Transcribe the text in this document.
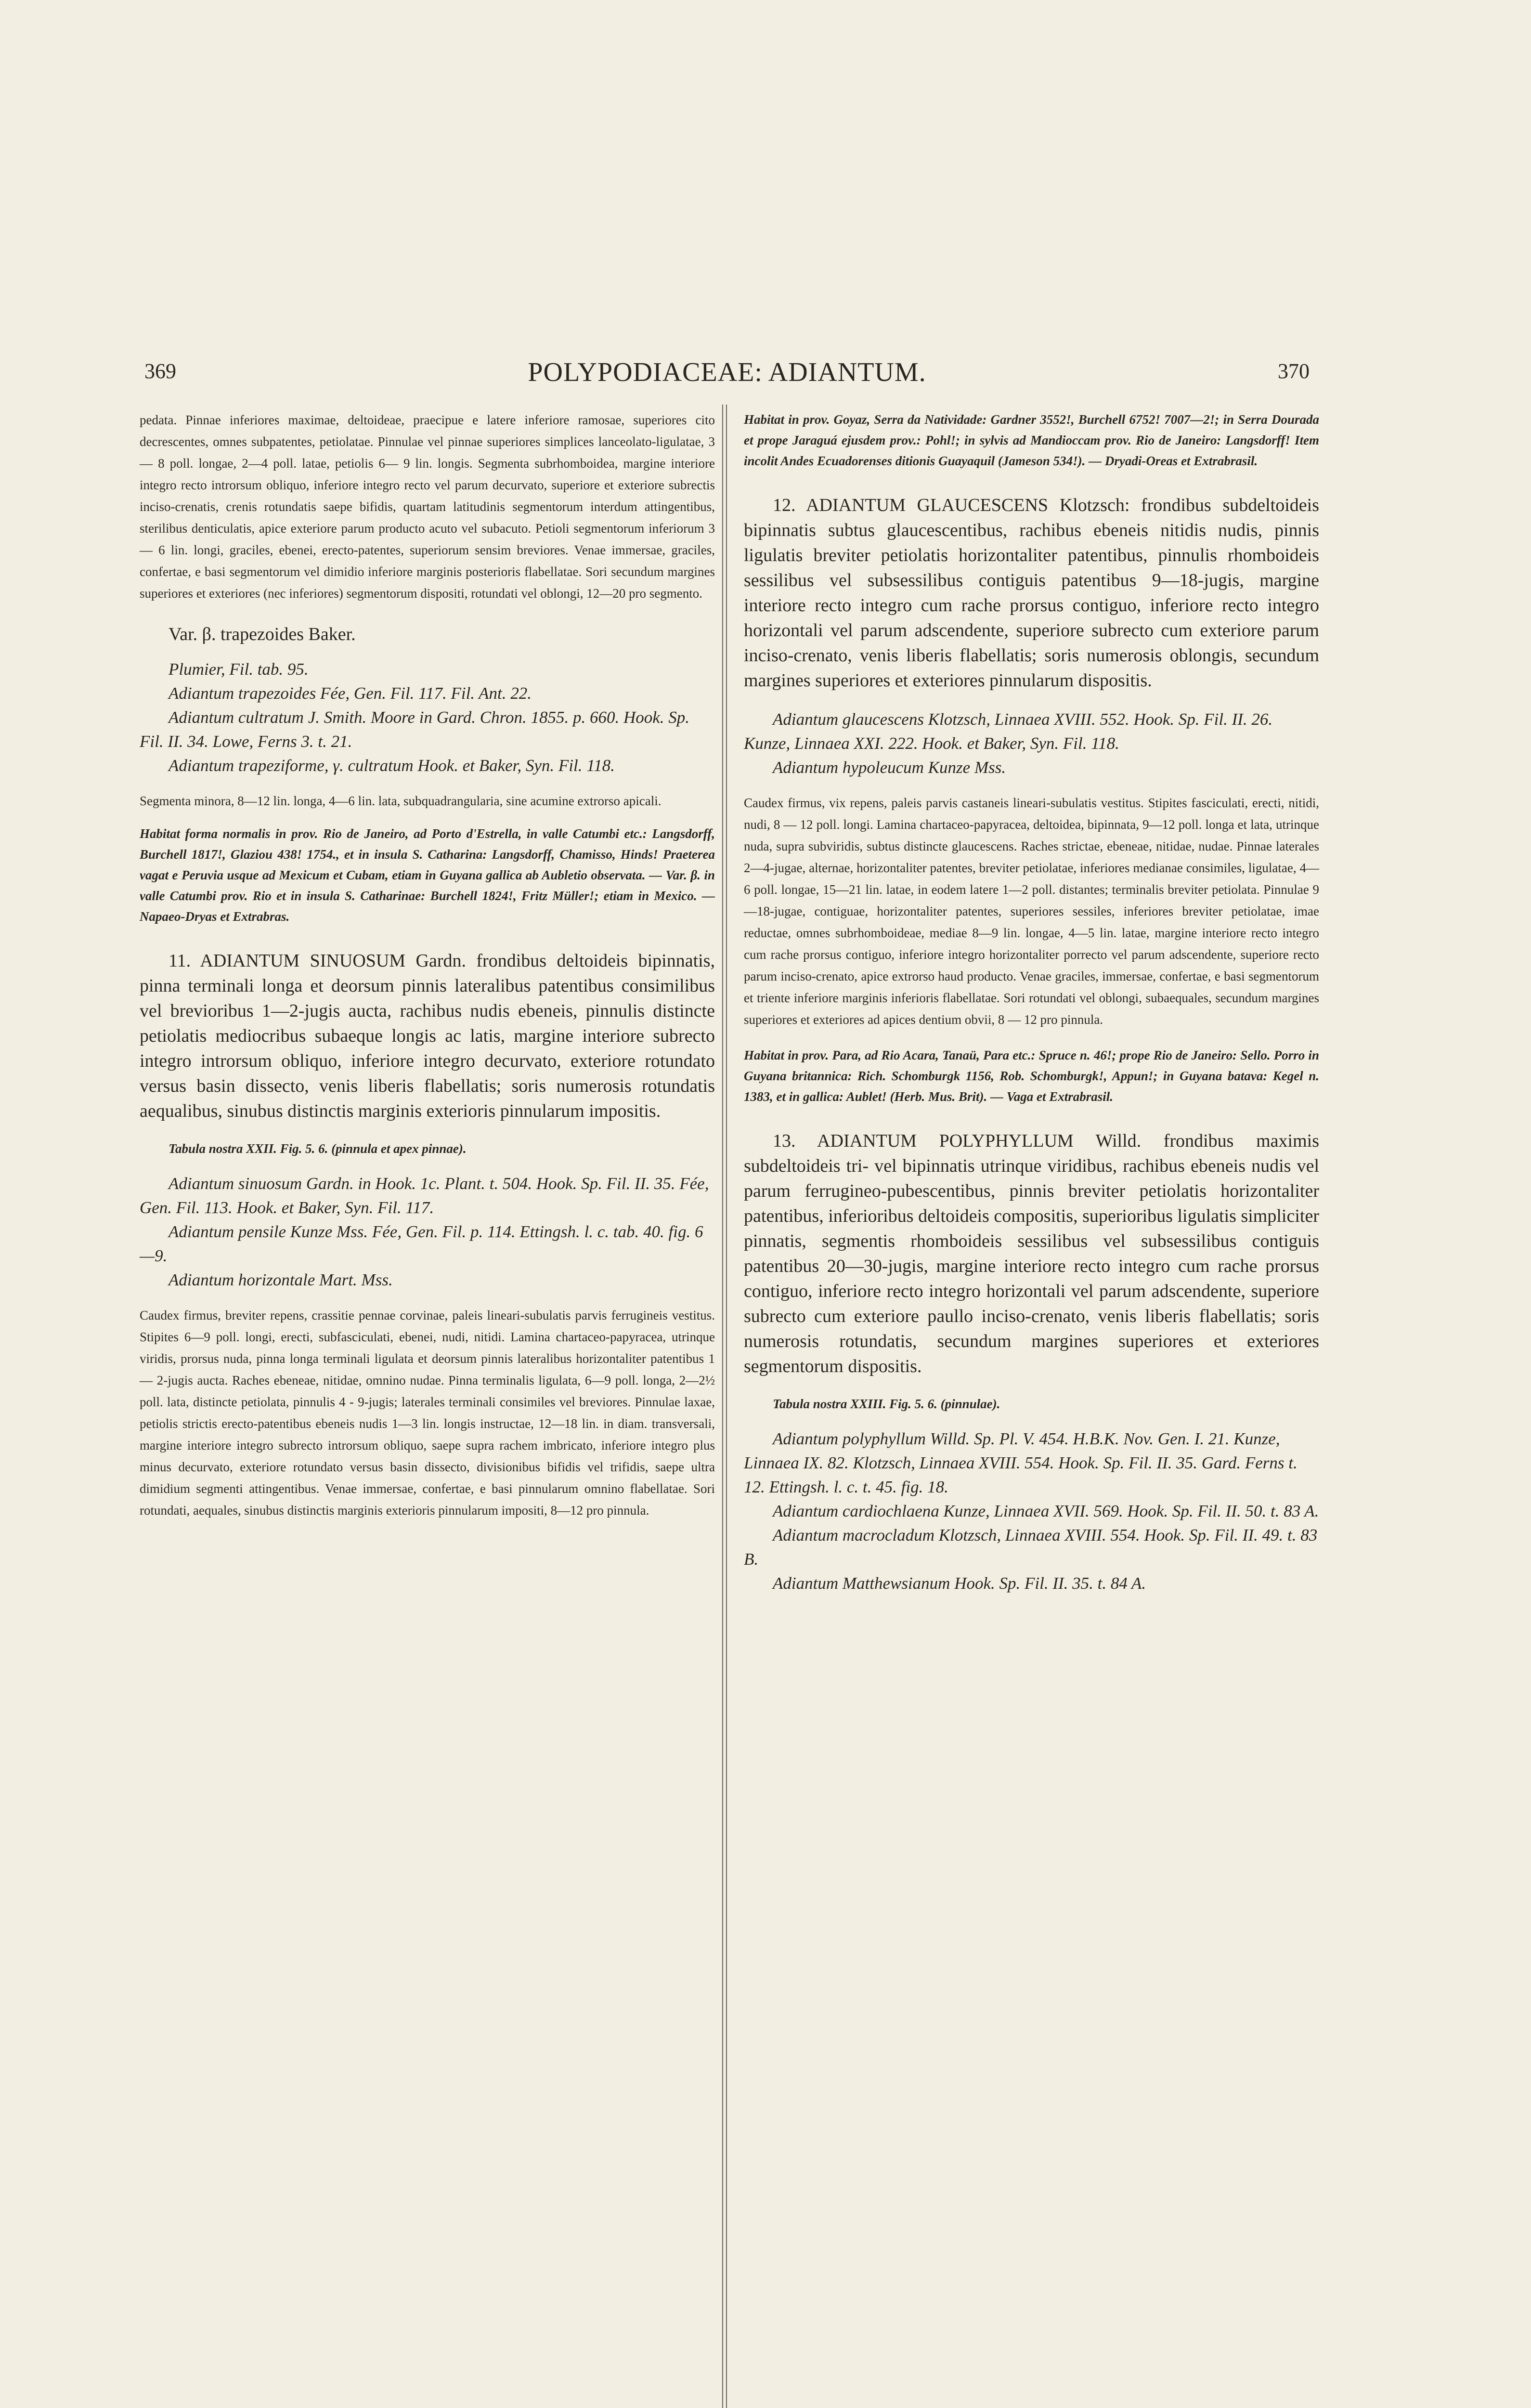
369	POLYPODIACEAE: ADIANTUM.	370

pedata. Pinnae inferiores maximae, deltoideae, praecipue e latere inferiore ramosae, superiores cito decrescentes, omnes subpatentes, petiolatae. Pinnulae vel pinnae superiores simplices lanceolato-ligulatae, 3 — 8 poll. longae, 2—4 poll. latae, petiolis 6— 9 lin. longis. Segmenta subrhomboidea, margine interiore integro recto introrsum obliquo, inferiore integro recto vel parum decurvato, superiore et exteriore subrectis inciso-crenatis, crenis rotundatis saepe bifidis, quartam latitudinis segmentorum interdum attingentibus, sterilibus denticulatis, apice exteriore parum producto acuto vel subacuto. Petioli segmentorum inferiorum 3 — 6 lin. longi, graciles, ebenei, erecto-patentes, superiorum sensim breviores. Venae immersae, graciles, confertae, e basi segmentorum vel dimidio inferiore marginis posterioris flabellatae. Sori secundum margines superiores et exteriores (nec inferiores) segmentorum dispositi, rotundati vel oblongi, 12—20 pro segmento.

Var. β. trapezoides Baker.

Plumier, Fil. tab. 95.

Adiantum trapezoides Fée, Gen. Fil. 117. Fil. Ant. 22.

Adiantum cultratum J. Smith. Moore in Gard. Chron. 1855. p. 660. Hook. Sp. Fil. II. 34. Lowe, Ferns 3. t. 21.

Adiantum trapeziforme, γ. cultratum Hook. et Baker, Syn. Fil. 118.

Segmenta minora, 8—12 lin. longa, 4—6 lin. lata, subquadrangularia, sine acumine extrorso apicali.

Habitat forma normalis in prov. Rio de Janeiro, ad Porto d'Estrella, in valle Catumbi etc.: Langsdorff, Burchell 1817!, Glaziou 438! 1754., et in insula S. Catharina: Langsdorff, Chamisso, Hinds! Praeterea vagat e Peruvia usque ad Mexicum et Cubam, etiam in Guyana gallica ab Aubletio observata. — Var. β. in valle Catumbi prov. Rio et in insula S. Catharinae: Burchell 1824!, Fritz Müller!; etiam in Mexico. — Napaeo-Dryas et Extrabras.

11. ADIANTUM SINUOSUM Gardn. frondibus deltoideis bipinnatis, pinna terminali longa et deorsum pinnis lateralibus patentibus consimilibus vel brevioribus 1—2-jugis aucta, rachibus nudis ebeneis, pinnulis distincte petiolatis mediocribus subaeque longis ac latis, margine interiore subrecto integro introrsum obliquo, inferiore integro decurvato, exteriore rotundato versus basin dissecto, venis liberis flabellatis; soris numerosis rotundatis aequalibus, sinubus distinctis marginis exterioris pinnularum impositis.

Tabula nostra XXII. Fig. 5. 6. (pinnula et apex pinnae).

Adiantum sinuosum Gardn. in Hook. 1c. Plant. t. 504. Hook. Sp. Fil. II. 35. Fée, Gen. Fil. 113. Hook. et Baker, Syn. Fil. 117.

Adiantum pensile Kunze Mss. Fée, Gen. Fil. p. 114. Ettingsh. l. c. tab. 40. fig. 6—9.

Adiantum horizontale Mart. Mss.

Caudex firmus, breviter repens, crassitie pennae corvinae, paleis lineari-subulatis parvis ferrugineis vestitus. Stipites 6—9 poll. longi, erecti, subfasciculati, ebenei, nudi, nitidi. Lamina chartaceo-papyracea, utrinque viridis, prorsus nuda, pinna longa terminali ligulata et deorsum pinnis lateralibus horizontaliter patentibus 1 — 2-jugis aucta. Raches ebeneae, nitidae, omnino nudae. Pinna terminalis ligulata, 6—9 poll. longa, 2—2½ poll. lata, distincte petiolata, pinnulis 4 - 9-jugis; laterales terminali consimiles vel breviores. Pinnulae laxae, petiolis strictis erecto-patentibus ebeneis nudis 1—3 lin. longis instructae, 12—18 lin. in diam. transversali, margine interiore integro subrecto introrsum obliquo, saepe supra rachem imbricato, inferiore integro plus minus decurvato, exteriore rotundato versus basin dissecto, divisionibus bifidis vel trifidis, saepe ultra dimidium segmenti attingentibus. Venae immersae, confertae, e basi pinnularum omnino flabellatae. Sori rotundati, aequales, sinubus distinctis marginis exterioris pinnularum impositi, 8—12 pro pinnula.

Habitat in prov. Goyaz, Serra da Natividade: Gardner 3552!, Burchell 6752! 7007—2!; in Serra Dourada et prope Jaraguá ejusdem prov.: Pohl!; in sylvis ad Mandioccam prov. Rio de Janeiro: Langsdorff! Item incolit Andes Ecuadorenses ditionis Guayaquil (Jameson 534!). — Dryadi-Oreas et Extrabrasil.

12. ADIANTUM GLAUCESCENS Klotzsch: frondibus subdeltoideis bipinnatis subtus glaucescentibus, rachibus ebeneis nitidis nudis, pinnis ligulatis breviter petiolatis horizontaliter patentibus, pinnulis rhomboideis sessilibus vel subsessilibus contiguis patentibus 9—18-jugis, margine interiore recto integro cum rache prorsus contiguo, inferiore recto integro horizontali vel parum adscendente, superiore subrecto cum exteriore parum inciso-crenato, venis liberis flabellatis; soris numerosis oblongis, secundum margines superiores et exteriores pinnularum dispositis.

Adiantum glaucescens Klotzsch, Linnaea XVIII. 552. Hook. Sp. Fil. II. 26. Kunze, Linnaea XXI. 222. Hook. et Baker, Syn. Fil. 118.

Adiantum hypoleucum Kunze Mss.

Caudex firmus, vix repens, paleis parvis castaneis lineari-subulatis vestitus. Stipites fasciculati, erecti, nitidi, nudi, 8 — 12 poll. longi. Lamina chartaceo-papyracea, deltoidea, bipinnata, 9—12 poll. longa et lata, utrinque nuda, supra subviridis, subtus distincte glaucescens. Raches strictae, ebeneae, nitidae, nudae. Pinnae laterales 2—4-jugae, alternae, horizontaliter patentes, breviter petiolatae, inferiores medianae consimiles, ligulatae, 4—6 poll. longae, 15—21 lin. latae, in eodem latere 1—2 poll. distantes; terminalis breviter petiolata. Pinnulae 9—18-jugae, contiguae, horizontaliter patentes, superiores sessiles, inferiores breviter petiolatae, imae reductae, omnes subrhomboideae, mediae 8—9 lin. longae, 4—5 lin. latae, margine interiore recto integro cum rache prorsus contiguo, inferiore integro horizontaliter porrecto vel parum adscendente, superiore recto parum inciso-crenato, apice extrorso haud producto. Venae graciles, immersae, confertae, e basi segmentorum et triente inferiore marginis inferioris flabellatae. Sori rotundati vel oblongi, subaequales, secundum margines superiores et exteriores ad apices dentium obvii, 8 — 12 pro pinnula.

Habitat in prov. Para, ad Rio Acara, Tanaü, Para etc.: Spruce n. 46!; prope Rio de Janeiro: Sello. Porro in Guyana britannica: Rich. Schomburgk 1156, Rob. Schomburgk!, Appun!; in Guyana batava: Kegel n. 1383, et in gallica: Aublet! (Herb. Mus. Brit). — Vaga et Extrabrasil.

13. ADIANTUM POLYPHYLLUM Willd. frondibus maximis subdeltoideis tri- vel bipinnatis utrinque viridibus, rachibus ebeneis nudis vel parum ferrugineo-pubescentibus, pinnis breviter petiolatis horizontaliter patentibus, inferioribus deltoideis compositis, superioribus ligulatis simpliciter pinnatis, segmentis rhomboideis sessilibus vel subsessilibus contiguis patentibus 20—30-jugis, margine interiore recto integro cum rache prorsus contiguo, inferiore recto integro horizontali vel parum adscendente, superiore subrecto cum exteriore paullo inciso-crenato, venis liberis flabellatis; soris numerosis rotundatis, secundum margines superiores et exteriores segmentorum dispositis.

Tabula nostra XXIII. Fig. 5. 6. (pinnulae).

Adiantum polyphyllum Willd. Sp. Pl. V. 454. H.B.K. Nov. Gen. I. 21. Kunze, Linnaea IX. 82. Klotzsch, Linnaea XVIII. 554. Hook. Sp. Fil. II. 35. Gard. Ferns t. 12. Ettingsh. l. c. t. 45. fig. 18.

Adiantum cardiochlaena Kunze, Linnaea XVII. 569. Hook. Sp. Fil. II. 50. t. 83 A.

Adiantum macrocladum Klotzsch, Linnaea XVIII. 554. Hook. Sp. Fil. II. 49. t. 83 B.

Adiantum Matthewsianum Hook. Sp. Fil. II. 35. t. 84 A.
